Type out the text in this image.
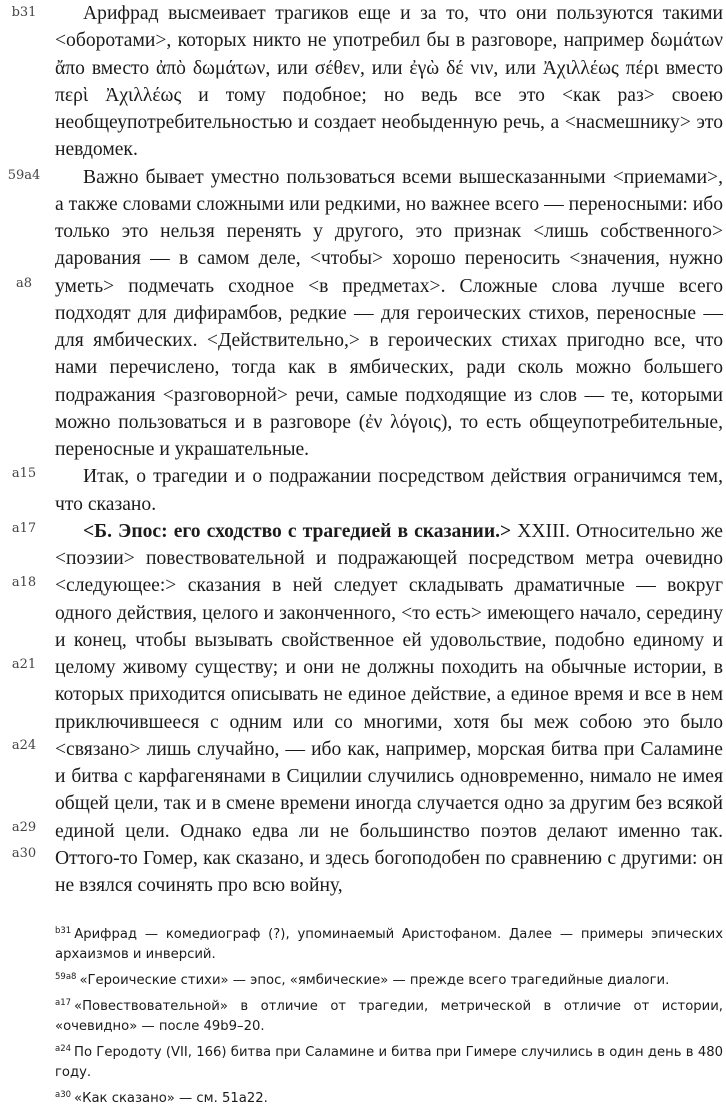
b31
59a4
a8
a15
a17
a18
a21
a24
a29
a30

Арифрад высмеивает трагиков еще и за то, что они пользуются такими <оборотами>, которых никто не употребил бы в разговоре, например δωμάτων ἄπο вместо ἀπὸ δωμάτων, или σέθεν, или ἐγὼ δέ νιν, или Ἀχιλλέως πέρι вместо περὶ Ἀχιλλέως и тому подобное; но ведь все это <как раз> своею необщеупотребительностью и создает необыденную речь, а <насмешнику> это невдомек.

Важно бывает уместно пользоваться всеми вышесказанными <приемами>, а также словами сложными или редкими, но важнее всего — переносными: ибо только это нельзя перенять у другого, это признак <лишь собственного> дарования — в самом деле, <чтобы> хорошо переносить <значения, нужно уметь> подмечать сходное <в предметах>. Сложные слова лучше всего подходят для дифирамбов, редкие — для героических стихов, переносные — для ямбических. <Действительно,> в героических стихах пригодно все, что нами перечислено, тогда как в ямбических, ради сколь можно большего подражания <разговорной> речи, самые подходящие из слов — те, которыми можно пользоваться и в разговоре (ἐν λόγοις), то есть общеупотребительные, переносные и украшательные.

Итак, о трагедии и о подражании посредством действия ограничимся тем, что сказано.

<Б. Эпос: его сходство с трагедией в сказании.> XXIII. Относительно же <поэзии> повествовательной и подражающей посредством метра очевидно <следующее:> сказания в ней следует складывать драматичные — вокруг одного действия, целого и законченного, <то есть> имеющего начало, середину и конец, чтобы вызывать свойственное ей удовольствие, подобно единому и целому живому существу; и они не должны походить на обычные истории, в которых приходится описывать не единое действие, а единое время и все в нем приключившееся с одним или со многими, хотя бы меж собою это было <связано> лишь случайно, — ибо как, например, морская битва при Саламине и битва с карфагенянами в Сицилии случились одновременно, нимало не имея общей цели, так и в смене времени иногда случается одно за другим без всякой единой цели. Однако едва ли не большинство поэтов делают именно так. Оттого-то Гомер, как сказано, и здесь богоподобен по сравнению с другими: он не взялся сочинять про всю войну,

$^{b31}$ Арифрад — комедиограф (?), упоминаемый Аристофаном. Далее — примеры эпических архаизмов и инверсий.

$^{59a8}$ «Героические стихи» — эпос, «ямбические» — прежде всего трагедийные диалоги.

$^{a17}$ «Повествовательной» в отличие от трагедии, метрической в отличие от истории, «очевидно» — после 49b9–20.

$^{a24}$ По Геродоту (VII, 166) битва при Саламине и битва при Гимере случились в один день в 480 году.

$^{a30}$ «Как сказано» — см. 51a22.
